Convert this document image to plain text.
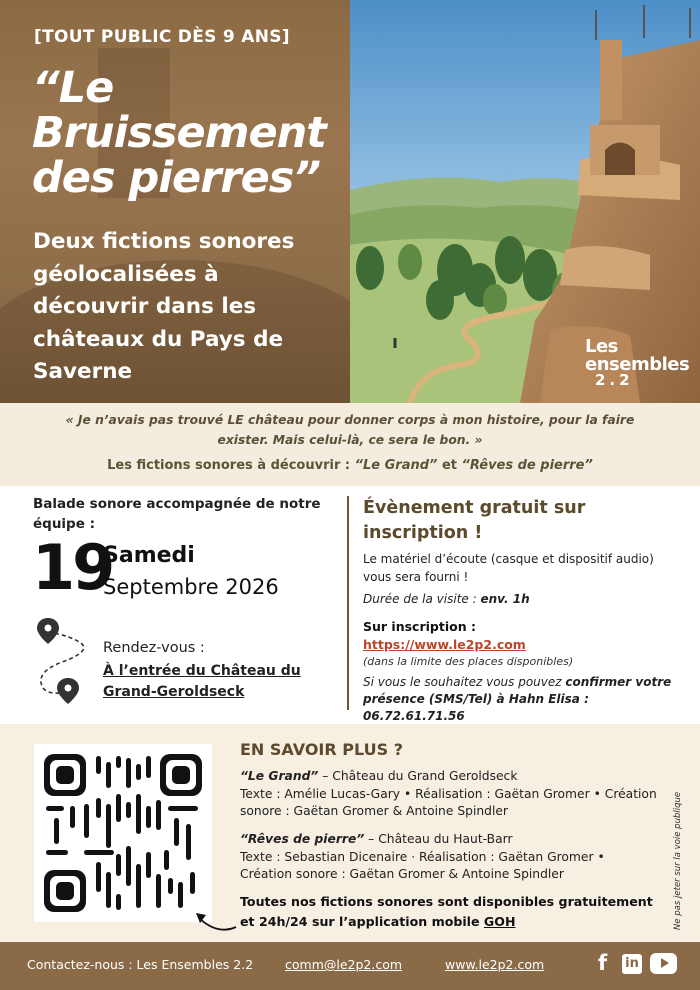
[TOUT PUBLIC DÈS 9 ANS]
“Le
Bruissement
des pierres”
Deux fictions sonores géolocalisées à découvrir dans les châteaux du Pays de Saverne
Les
ensembles
2.2
« Je n’avais pas trouvé LE château pour donner corps à mon histoire, pour la faire exister. Mais celui-là, ce sera le bon. »
Les fictions sonores à découvrir : “Le Grand” et “Rêves de pierre”
Balade sonore accompagnée de notre équipe :
19
Samedi
Septembre 2026
Rendez-vous :
À l’entrée du Château du Grand-Geroldseck
Évènement gratuit sur inscription !
Le matériel d’écoute (casque et dispositif audio) vous sera fourni !
Durée de la visite : env. 1h
Sur inscription :
https://www.le2p2.com
(dans la limite des places disponibles)
Si vous le souhaitez vous pouvez confirmer votre présence (SMS/Tel) à Hahn Elisa : 06.72.61.71.56
EN SAVOIR PLUS ?
“Le Grand” – Château du Grand Geroldseck
Texte : Amélie Lucas-Gary • Réalisation : Gaëtan Gromer • Création sonore : Gaëtan Gromer & Antoine Spindler
“Rêves de pierre” – Château du Haut-Barr
Texte : Sebastian Dicenaire · Réalisation : Gaëtan Gromer • Création sonore : Gaëtan Gromer & Antoine Spindler
Toutes nos fictions sonores sont disponibles gratuitement et 24h/24 sur l’application mobile GOH	Ne pas jeter sur la voie publique
Contactez-nous : Les Ensembles 2.2	comm@le2p2.com	www.le2p2.com	f in
